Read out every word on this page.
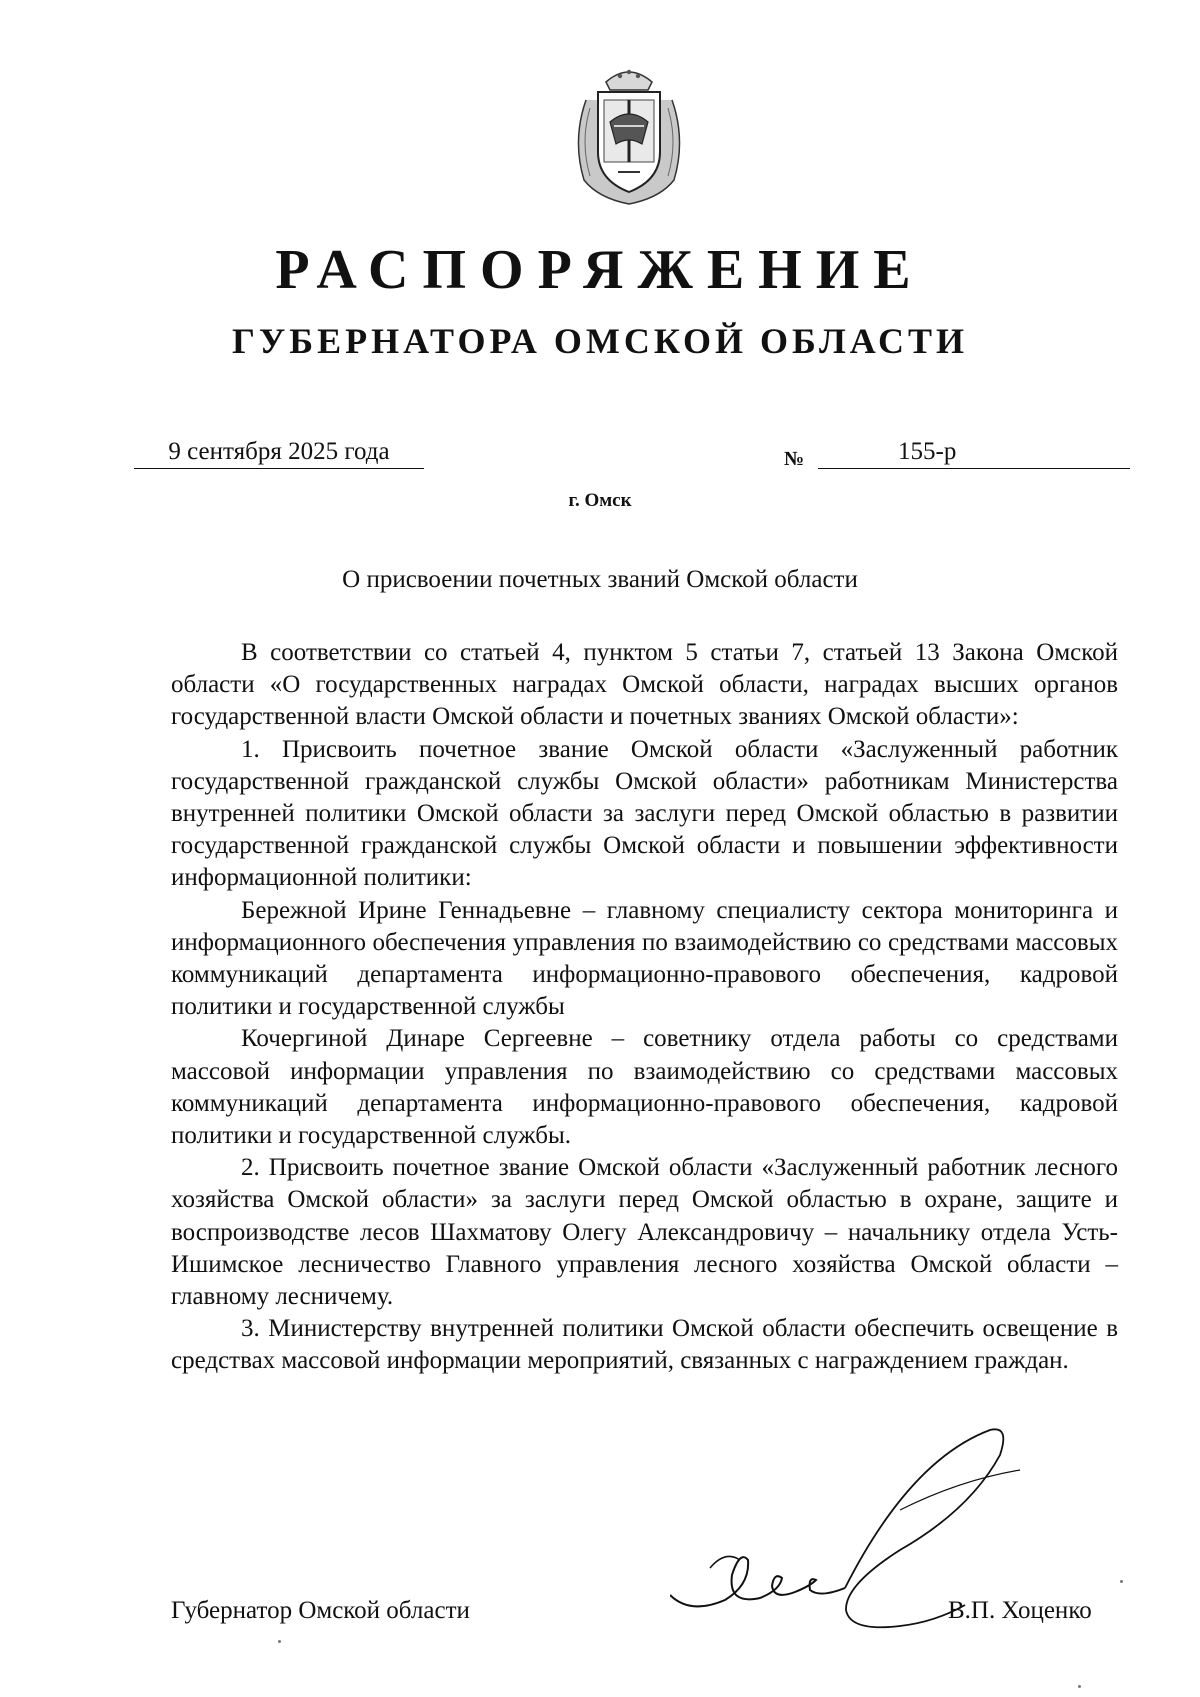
РАСПОРЯЖЕНИЕ
ГУБЕРНАТОРА ОМСКОЙ ОБЛАСТИ
9 сентября 2025 года	№	155-р
г. Омск
О присвоении почетных званий Омской области

В соответствии со статьей 4, пунктом 5 статьи 7, статьей 13 Закона Омской области «О государственных наградах Омской области, наградах высших органов государственной власти Омской области и почетных званиях Омской области»:

1. Присвоить почетное звание Омской области «Заслуженный работник государственной гражданской службы Омской области» работникам Министерства внутренней политики Омской области за заслуги перед Омской областью в развитии государственной гражданской службы Омской области и повышении эффективности информационной политики:

Бережной Ирине Геннадьевне – главному специалисту сектора мониторинга и информационного обеспечения управления по взаимодействию со средствами массовых коммуникаций департамента информационно-правового обеспечения, кадровой политики и государственной службы

Кочергиной Динаре Сергеевне – советнику отдела работы со средствами массовой информации управления по взаимодействию со средствами массовых коммуникаций департамента информационно-правового обеспечения, кадровой политики и государственной службы.

2. Присвоить почетное звание Омской области «Заслуженный работник лесного хозяйства Омской области» за заслуги перед Омской областью в охране, защите и воспроизводстве лесов Шахматову Олегу Александровичу – начальнику отдела Усть-Ишимское лесничество Главного управления лесного хозяйства Омской области – главному лесничему.

3. Министерству внутренней политики Омской области обеспечить освещение в средствах массовой информации мероприятий, связанных с награждением граждан.

Губернатор Омской области	В.П. Хоценко
